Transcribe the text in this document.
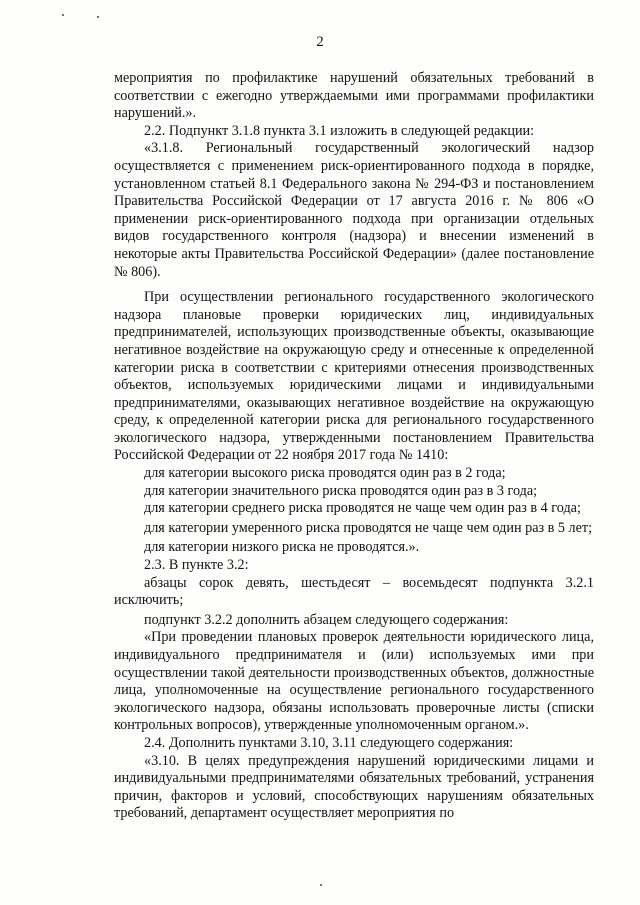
2

мероприятия по профилактике нарушений обязательных требований в соответствии с ежегодно утверждаемыми ими программами профилактики нарушений.».

2.2. Подпункт 3.1.8 пункта 3.1 изложить в следующей редакции:

«3.1.8. Региональный государственный экологический надзор осуществляется с применением риск-ориентированного подхода в порядке, установленном статьей 8.1 Федерального закона № 294-ФЗ и постановлением Правительства Российской Федерации от 17 августа 2016 г. № 806 «О применении риск-ориентированного подхода при организации отдельных видов государственного контроля (надзора) и внесении изменений в некоторые акты Правительства Российской Федерации» (далее постановление № 806).

При осуществлении регионального государственного экологического надзора плановые проверки юридических лиц, индивидуальных предпринимателей, использующих производственные объекты, оказывающие негативное воздействие на окружающую среду и отнесенные к определенной категории риска в соответствии с критериями отнесения производственных объектов, используемых юридическими лицами и индивидуальными предпринимателями, оказывающих негативное воздействие на окружающую среду, к определенной категории риска для регионального государственного экологического надзора, утвержденными постановлением Правительства Российской Федерации от 22 ноября 2017 года № 1410:

для категории высокого риска проводятся один раз в 2 года;

для категории значительного риска проводятся один раз в 3 года;

для категории среднего риска проводятся не чаще чем один раз в 4 года;

для категории умеренного риска проводятся не чаще чем один раз в 5 лет;

для категории низкого риска не проводятся.».

2.3. В пункте 3.2:

абзацы сорок девять, шестьдесят – восемьдесят подпункта 3.2.1 исключить;

подпункт 3.2.2 дополнить абзацем следующего содержания:

«При проведении плановых проверок деятельности юридического лица, индивидуального предпринимателя и (или) используемых ими при осуществлении такой деятельности производственных объектов, должностные лица, уполномоченные на осуществление регионального государственного экологического надзора, обязаны использовать проверочные листы (списки контрольных вопросов), утвержденные уполномоченным органом.».

2.4. Дополнить пунктами 3.10, 3.11 следующего содержания:

«3.10. В целях предупреждения нарушений юридическими лицами и индивидуальными предпринимателями обязательных требований, устранения причин, факторов и условий, способствующих нарушениям обязательных требований, департамент осуществляет мероприятия по
